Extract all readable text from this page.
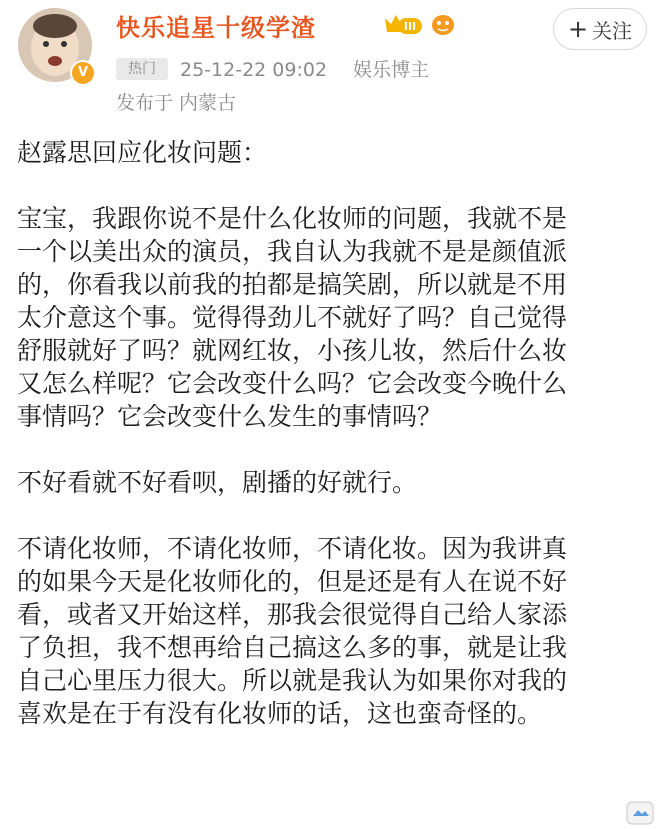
V
快乐追星十级学渣	III	+ 关注
热门	25-12-22 09:02 娱乐博主
发布于 内蒙古

赵露思回应化妆问题：

宝宝，我跟你说不是什么化妆师的问题，我就不是

一个以美出众的演员，我自认为我就不是是颜值派

的，你看我以前我的拍都是搞笑剧，所以就是不用

太介意这个事。觉得得劲儿不就好了吗？自己觉得

舒服就好了吗？就网红妆，小孩儿妆，然后什么妆

又怎么样呢？它会改变什么吗？它会改变今晚什么

事情吗？它会改变什么发生的事情吗？

不好看就不好看呗，剧播的好就行。

不请化妆师，不请化妆师，不请化妆。因为我讲真

的如果今天是化妆师化的，但是还是有人在说不好

看，或者又开始这样，那我会很觉得自己给人家添

了负担，我不想再给自己搞这么多的事，就是让我

自己心里压力很大。所以就是我认为如果你对我的

喜欢是在于有没有化妆师的话，这也蛮奇怪的。
